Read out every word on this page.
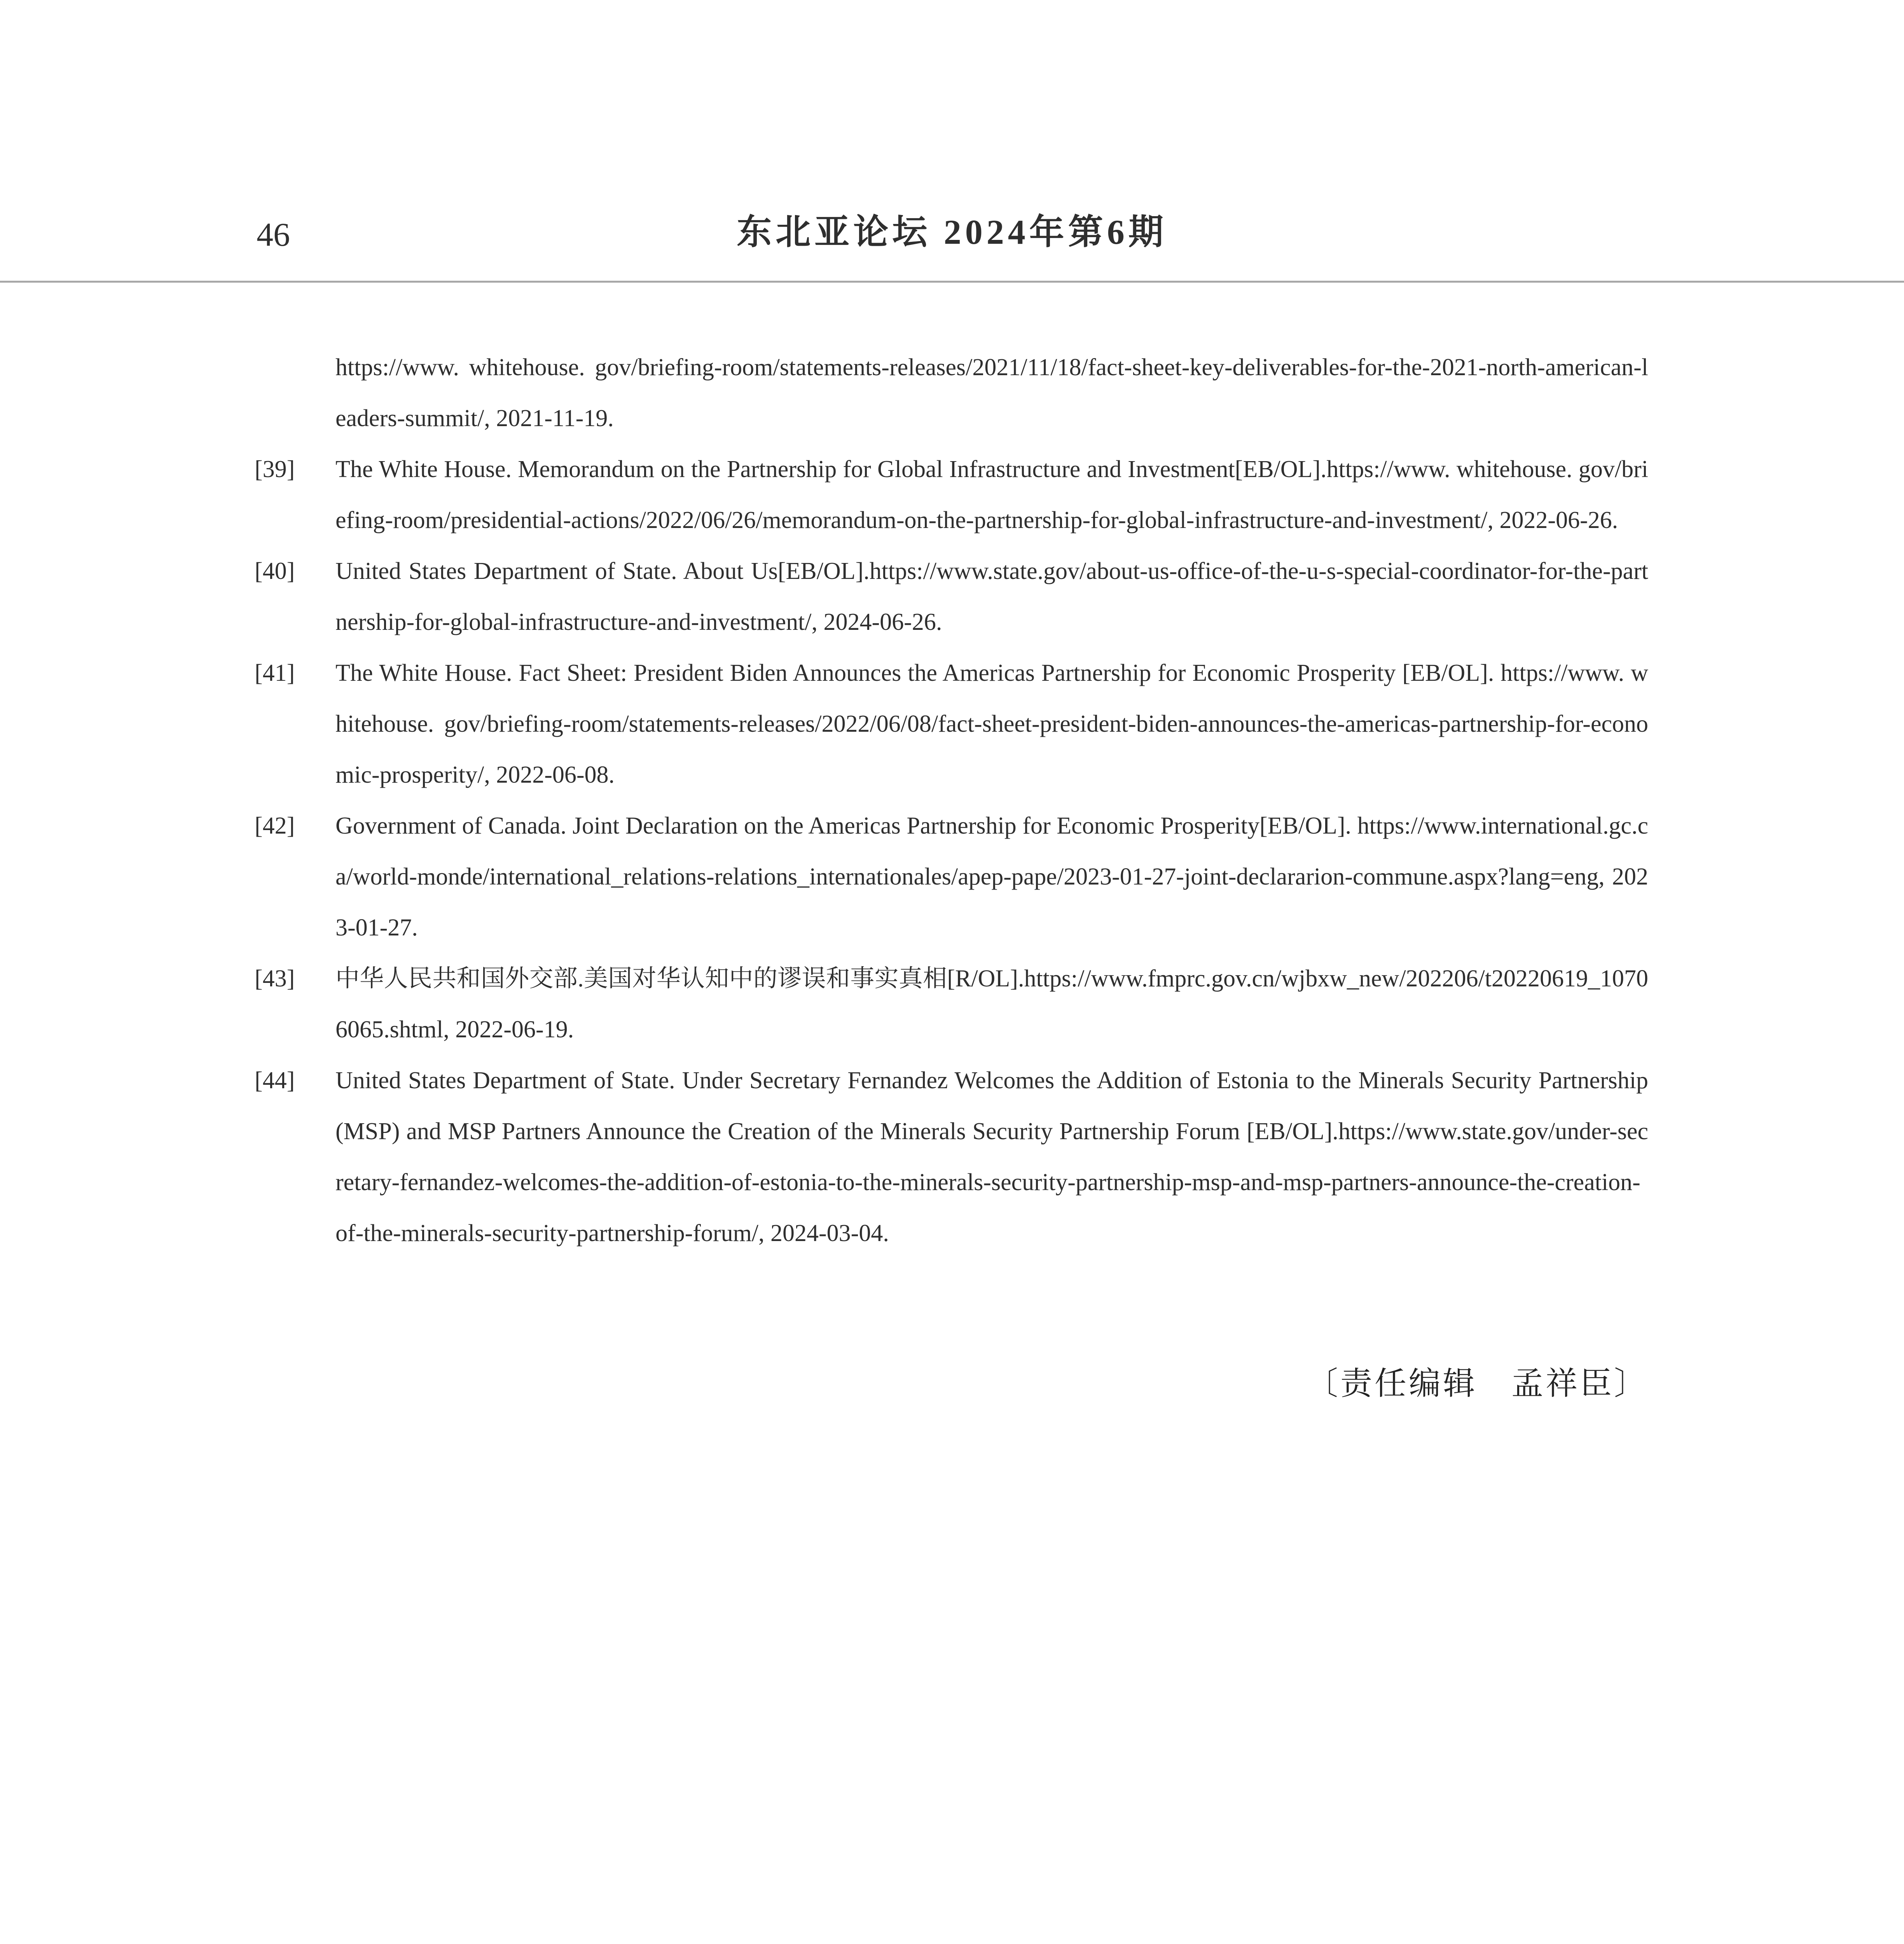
46	东北亚论坛 2024年第6期

https://www. whitehouse. gov/briefing-room/statements-releases/2021/11/18/fact-sheet-key-deliverables-for-the-2021-north-american-leaders-summit/, 2021-11-19.

[39] The White House. Memorandum on the Partnership for Global Infrastructure and Investment[EB/OL].https://www. whitehouse. gov/briefing-room/presidential-actions/2022/06/26/memorandum-on-the-partnership-for-global-infrastructure-and-investment/, 2022-06-26.

[40] United States Department of State. About Us[EB/OL].https://www.state.gov/about-us-office-of-the-u-s-special-coordinator-for-the-partnership-for-global-infrastructure-and-investment/, 2024-06-26.

[41] The White House. Fact Sheet: President Biden Announces the Americas Partnership for Economic Prosperity [EB/OL]. https://www. whitehouse. gov/briefing-room/statements-releases/2022/06/08/fact-sheet-president-biden-announces-the-americas-partnership-for-economic-prosperity/, 2022-06-08.

[42] Government of Canada. Joint Declaration on the Americas Partnership for Economic Prosperity[EB/OL]. https://www.international.gc.ca/world-monde/international_relations-relations_internationales/apep-pape/2023-01-27-joint-declararion-commune.aspx?lang=eng, 2023-01-27.

[43] 中华人民共和国外交部.美国对华认知中的谬误和事实真相[R/OL].https://www.fmprc.gov.cn/wjbxw_new/202206/t20220619_10706065.shtml, 2022-06-19.

[44] United States Department of State. Under Secretary Fernandez Welcomes the Addition of Estonia to the Minerals Security Partnership (MSP) and MSP Partners Announce the Creation of the Minerals Security Partnership Forum [EB/OL].https://www.state.gov/under-secretary-fernandez-welcomes-the-addition-of-estonia-to-the-minerals-security-partnership-msp-and-msp-partners-announce-the-creation-of-the-minerals-security-partnership-forum/, 2024-03-04.

〔责任编辑　孟祥臣〕
